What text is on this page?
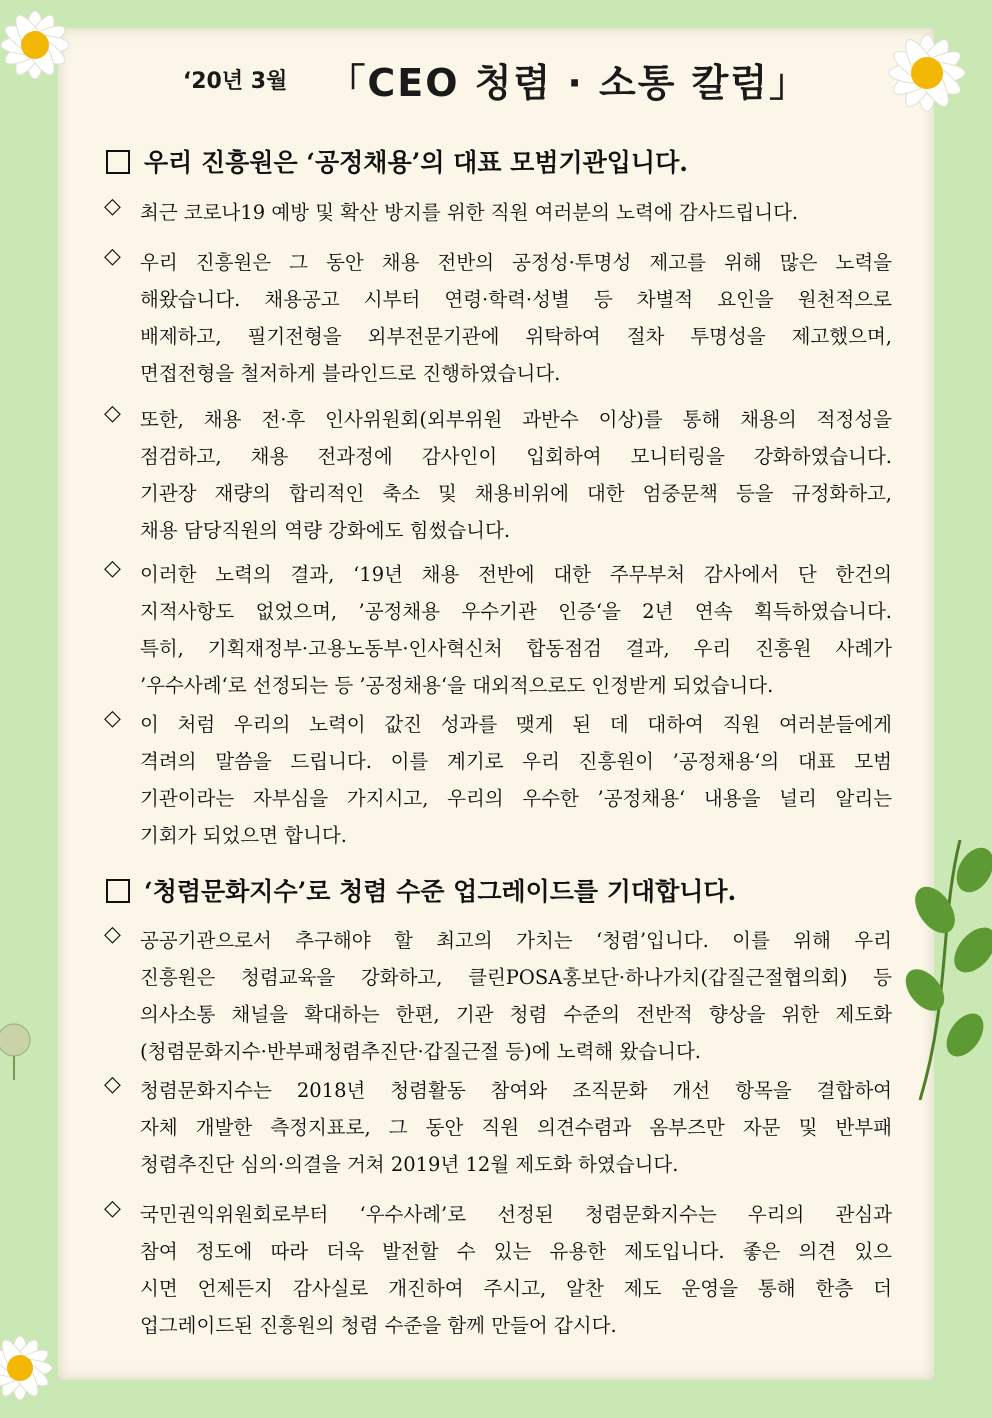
‘20년 3월 「CEO 청렴 · 소통 칼럼」
우리 진흥원은 ‘공정채용’의 대표 모범기관입니다.
◇ 최근 코로나19 예방 및 확산 방지를 위한 직원 여러분의 노력에 감사드립니다.
◇ 우리 진흥원은 그 동안 채용 전반의 공정성·투명성 제고를 위해 많은 노력을
해왔습니다. 채용공고 시부터 연령·학력·성별 등 차별적 요인을 원천적으로
배제하고, 필기전형을 외부전문기관에 위탁하여 절차 투명성을 제고했으며,
면접전형을 철저하게 블라인드로 진행하였습니다.
◇ 또한, 채용 전·후 인사위원회(외부위원 과반수 이상)를 통해 채용의 적정성을
점검하고, 채용 전과정에 감사인이 입회하여 모니터링을 강화하였습니다.
기관장 재량의 합리적인 축소 및 채용비위에 대한 엄중문책 등을 규정화하고,
채용 담당직원의 역량 강화에도 힘썼습니다.
◇ 이러한 노력의 결과, ‘19년 채용 전반에 대한 주무부처 감사에서 단 한건의
지적사항도 없었으며, ’공정채용 우수기관 인증‘을 2년 연속 획득하였습니다.
특히, 기획재정부·고용노동부·인사혁신처 합동점검 결과, 우리 진흥원 사례가
’우수사례‘로 선정되는 등 ’공정채용‘을 대외적으로도 인정받게 되었습니다.
◇ 이 처럼 우리의 노력이 값진 성과를 맺게 된 데 대하여 직원 여러분들에게
격려의 말씀을 드립니다. 이를 계기로 우리 진흥원이 ’공정채용‘의 대표 모범
기관이라는 자부심을 가지시고, 우리의 우수한 ’공정채용‘ 내용을 널리 알리는
기회가 되었으면 합니다.
‘청렴문화지수’로 청렴 수준 업그레이드를 기대합니다.
◇ 공공기관으로서 추구해야 할 최고의 가치는 ‘청렴’입니다. 이를 위해 우리
진흥원은 청렴교육을 강화하고, 클린POSA홍보단·하나가치(갑질근절협의회) 등
의사소통 채널을 확대하는 한편, 기관 청렴 수준의 전반적 향상을 위한 제도화
(청렴문화지수·반부패청렴추진단·갑질근절 등)에 노력해 왔습니다.
◇ 청렴문화지수는 2018년 청렴활동 참여와 조직문화 개선 항목을 결합하여
자체 개발한 측정지표로, 그 동안 직원 의견수렴과 옴부즈만 자문 및 반부패
청렴추진단 심의·의결을 거쳐 2019년 12월 제도화 하였습니다.
◇ 국민권익위원회로부터 ‘우수사례’로 선정된 청렴문화지수는 우리의 관심과
참여 정도에 따라 더욱 발전할 수 있는 유용한 제도입니다. 좋은 의견 있으
시면 언제든지 감사실로 개진하여 주시고, 알찬 제도 운영을 통해 한층 더
업그레이드된 진흥원의 청렴 수준을 함께 만들어 갑시다.
